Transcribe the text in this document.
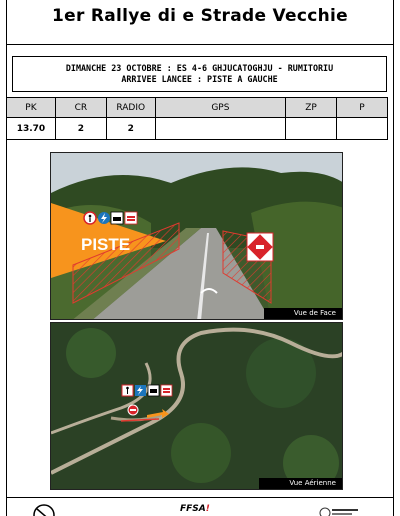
1er Rallye di e Strade Vecchie
DIMANCHE 23 OCTOBRE : ES 4-6 GHJUCATOGHJU - RUMITORIU
ARRIVEE LANCEE : PISTE A GAUCHE
PK	CR	RADIO	GPS	ZP	P
13.70	2	2			
PISTE
Vue de Face
Vue Aérienne
FFSA!
